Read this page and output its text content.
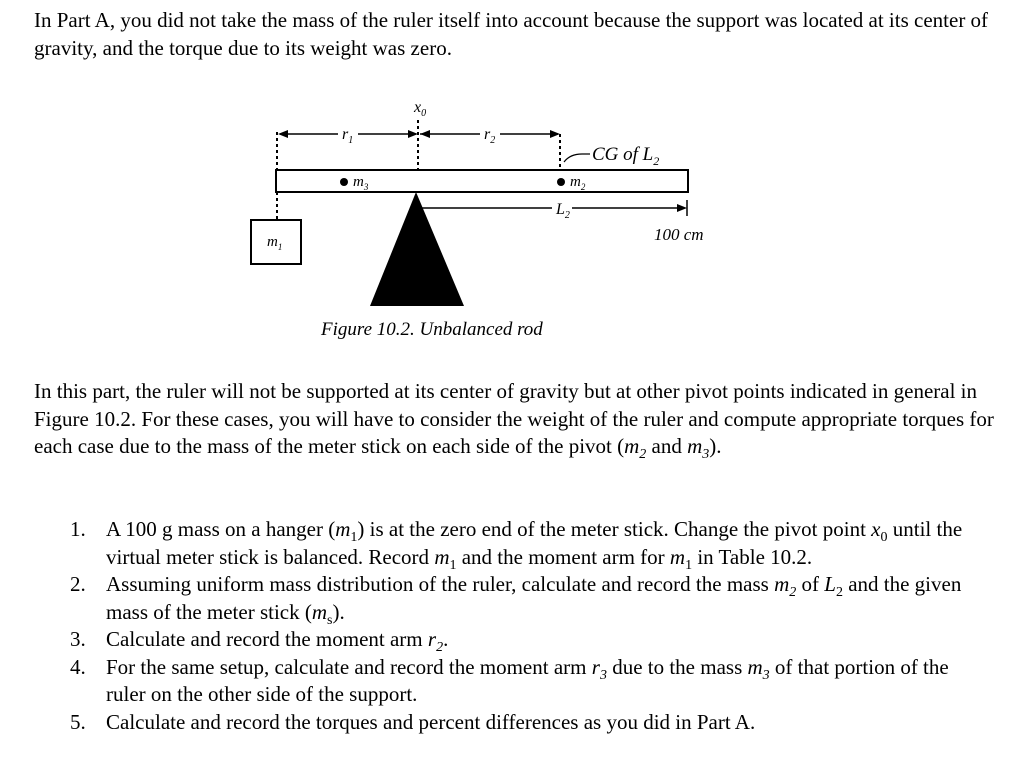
In Part A, you did not take the mass of the ruler itself into account because the support was located at its center of gravity, and the torque due to its weight was zero.

$r_1$	$r_2$
$x_0$
CG of $L_2$
$m_3$	$m_2$
$L_2$
100 cm
$m_1$
Figure 10.2. Unbalanced rod

In this part, the ruler will not be supported at its center of gravity but at other pivot points indicated in general in Figure 10.2. For these cases, you will have to consider the weight of the ruler and compute appropriate torques for each case due to the mass of the meter stick on each side of the pivot ($m_2$ and $m_3$).

1. A 100 g mass on a hanger $(m_1)$ is at the zero end of the meter stick. Change the pivot point $x_0$ until the virtual meter stick is balanced. Record $m_1$ and the moment arm for $m_1$ in Table 10.2.
2. Assuming uniform mass distribution of the ruler, calculate and record the mass $m_2$ of $L_2$ and the given mass of the meter stick $(m_s)$.
3. Calculate and record the moment arm $r_2$.
4. For the same setup, calculate and record the moment arm $r_3$ due to the mass $m_3$ of that portion of the ruler on the other side of the support.
5. Calculate and record the torques and percent differences as you did in Part A.
